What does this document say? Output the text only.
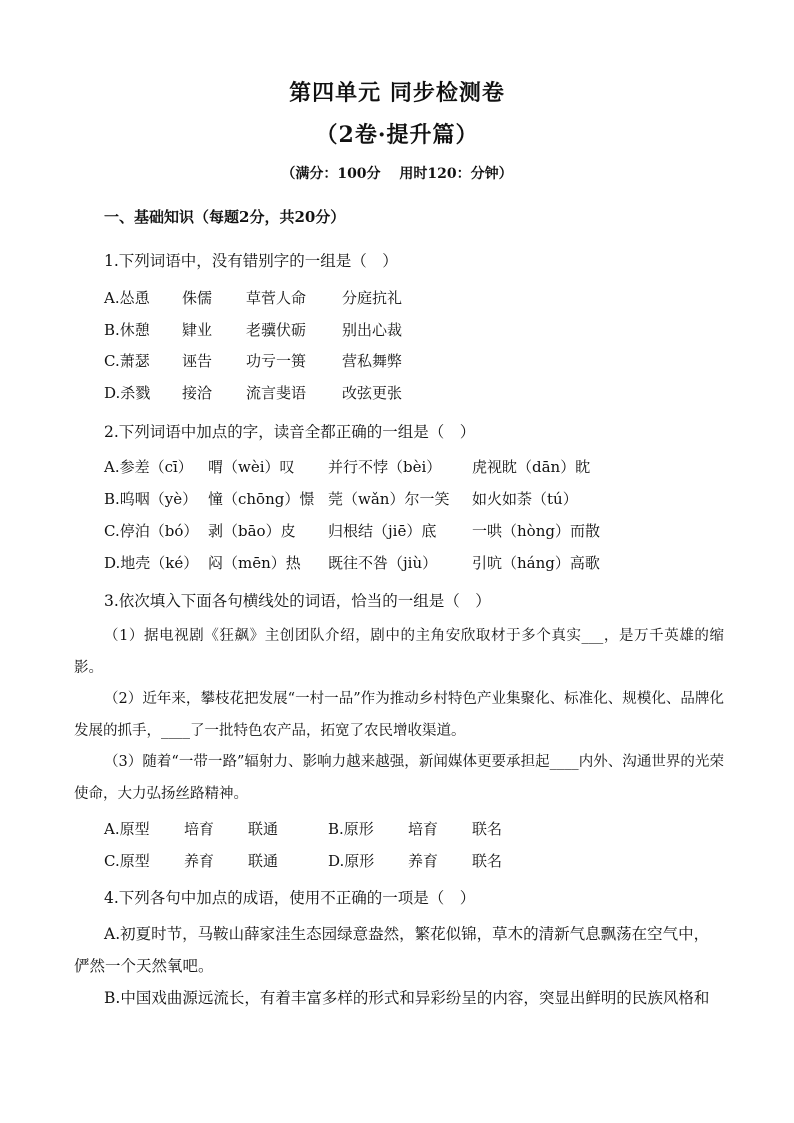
第四单元 同步检测卷
（2卷·提升篇）
（满分：100分　 用时120：分钟）
一、基础知识（每题2分，共20分）
1.下列词语中，没有错别字的一组是（　）
A.怂恿	侏儒	草菅人命	分庭抗礼
B.休憩	肄业	老骥伏砺	别出心裁
C.萧瑟	诬告	功亏一篑	营私舞弊
D.杀戮	接洽	流言斐语	改弦更张
2.下列词语中加点的字，读音全都正确的一组是（　）
A.参差（cī）	喟（wèi）叹	并行不悖（bèi）	虎视眈（dān）眈
B.呜咽（yè） 憧（chōng）憬 莞（wǎn）尔一笑	如火如荼（tú）
C.停泊（bó） 剥（bāo）皮	归根结（jiē）底	一哄（hòng）而散
D.地壳（ké） 闷（mēn）热	既往不咎（jiù）	引吭（háng）高歌
3.依次填入下面各句横线处的词语，恰当的一组是（　）
（1）据电视剧《狂飙》主创团队介绍，剧中的主角安欣取材于多个真实___，是万千英雄的缩影。
（2）近年来，攀枝花把发展“一村一品”作为推动乡村特色产业集聚化、标准化、规模化、品牌化发展的抓手，____了一批特色农产品，拓宽了农民增收渠道。
（3）随着“一带一路”辐射力、影响力越来越强，新闻媒体更要承担起____内外、沟通世界的光荣使命，大力弘扬丝路精神。
A.原型	培育	联通	B.原形	培育	联名
C.原型	养育	联通	D.原形	养育	联名
4.下列各句中加点的成语，使用不正确的一项是（　）
A.初夏时节，马鞍山薛家洼生态园绿意盎然，繁花似锦，草木的清新气息飘荡在空气中，俨然一个天然氧吧。
B.中国戏曲源远流长，有着丰富多样的形式和异彩纷呈的内容，突显出鲜明的民族风格和
